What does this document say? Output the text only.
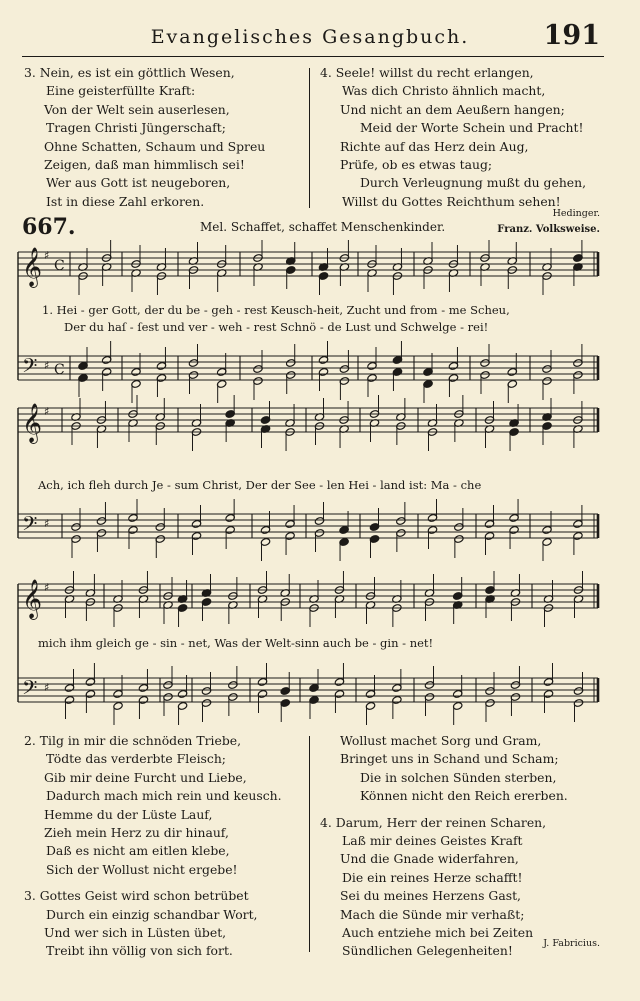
Evangelisches Gesangbuch.	191
3. Nein, es ist ein göttlich Wesen,
Eine geisterfüllte Kraft:
Von der Welt sein auserlesen,
Tragen Christi Jüngerschaft;
Ohne Schatten, Schaum und Spreu
Zeigen, daß man himmlisch sei!
Wer aus Gott ist neugeboren,
Ist in diese Zahl erkoren.
4. Seele! willst du recht erlangen,
Was dich Christo ähnlich macht,
Und nicht an dem Aeußern hangen;
Meid der Worte Schein und Pracht!
Richte auf das Herz dein Aug,
Prüfe, ob es etwas taug;
Durch Verleugnung mußt du gehen,
Willst du Gottes Reichthum sehen!
Hedinger.
667.	Mel. Schaffet, schaffet Menschenkinder.	Franz. Volksweise.
𝄞 ♯
C
𝄢 ♯ C
𝄞 ♯
𝄢 ♯
𝄞 ♯
𝄢 ♯
1. Hei - ger Gott, der du be - geh - rest Keusch-heit, Zucht und from - me Scheu,
Der du haſ - ſest und ver - weh - rest Schnö - de Lust und Schwelge - rei!
Ach, ich fleh durch Je - sum Christ, Der der See - len Hei - land ist: Ma - che
mich ihm gleich ge - sin - net, Was der Welt-sinn auch be - gin - net!
2. Tilg in mir die schnöden Triebe,
Tödte das verderbte Fleisch;
Gib mir deine Furcht und Liebe,
Dadurch mach mich rein und keusch.
Hemme du der Lüste Lauf,
Zieh mein Herz zu dir hinauf,
Daß es nicht am eitlen klebe,
Sich der Wollust nicht ergebe!
3. Gottes Geist wird schon betrübet
Durch ein einzig schandbar Wort,
Und wer sich in Lüsten übet,
Treibt ihn völlig von sich fort.
Wollust machet Sorg und Gram,
Bringet uns in Schand und Scham;
Die in solchen Sünden sterben,
Können nicht den Reich ererben.
4. Darum, Herr der reinen Scharen,
Laß mir deines Geistes Kraft
Und die Gnade widerfahren,
Die ein reines Herze schafft!
Sei du meines Herzens Gast,
Mach die Sünde mir verhaßt;
Auch entziehe mich bei Zeiten
Sündlichen Gelegenheiten!	J. Fabricius.
